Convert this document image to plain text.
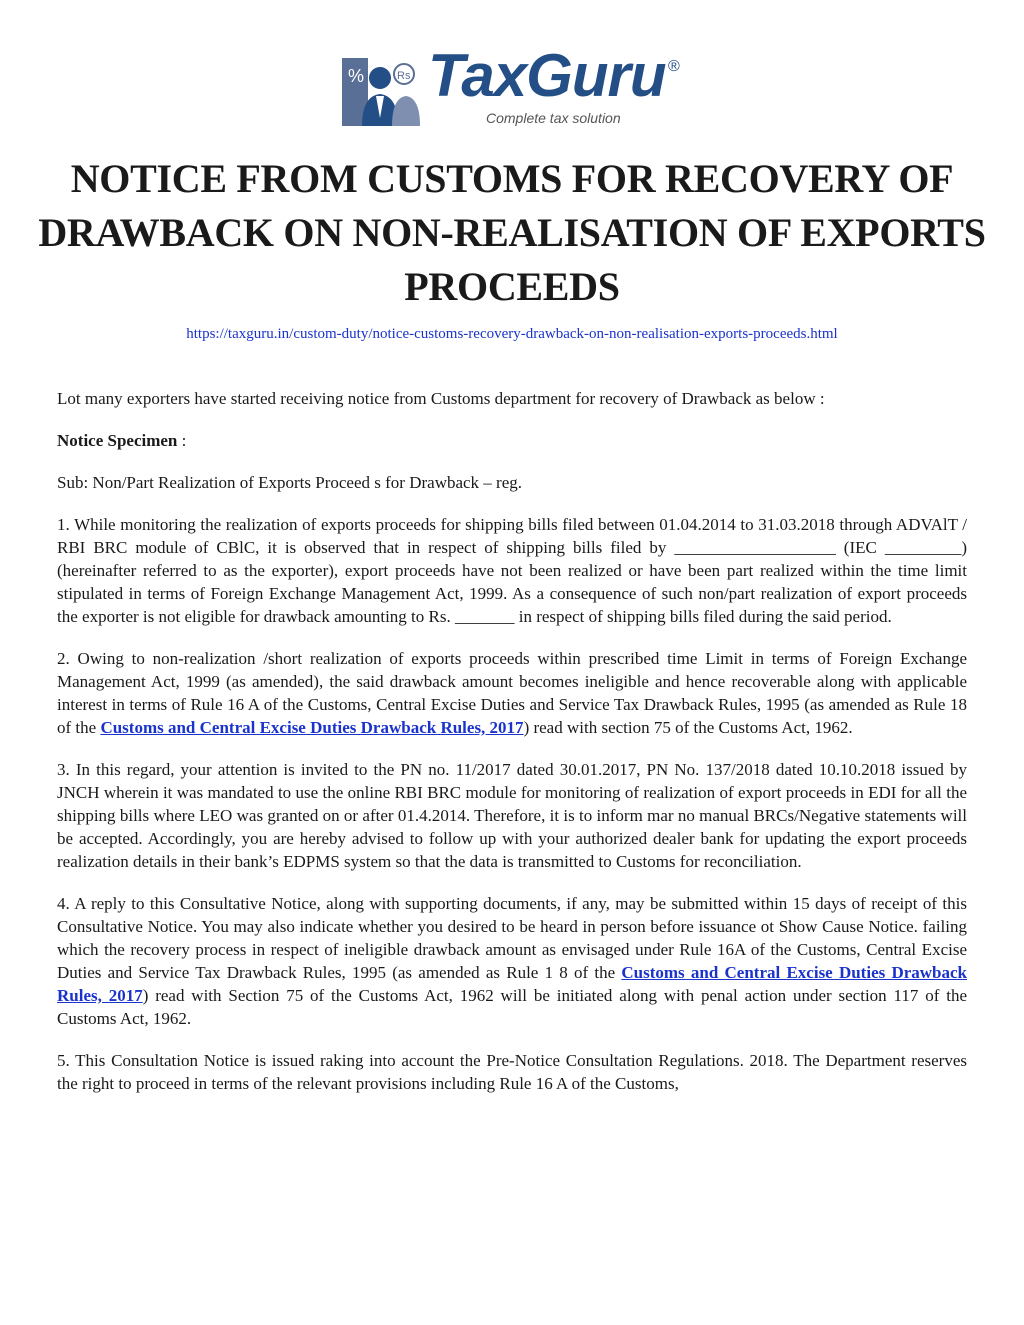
%	Rs TaxGuru ®
Complete tax solution
NOTICE FROM CUSTOMS FOR RECOVERY OF DRAWBACK ON NON-REALISATION OF EXPORTS PROCEEDS
https://taxguru.in/custom-duty/notice-customs-recovery-drawback-on-non-realisation-exports-proceeds.html

Lot many exporters have started receiving notice from Customs department for recovery of Drawback as below :

Notice Specimen :

Sub: Non/Part Realization of Exports Proceed s for Drawback – reg.

1. While monitoring the realization of exports proceeds for shipping bills filed between 01.04.2014 to 31.03.2018 through ADVAlT / RBI BRC module of CBlC, it is observed that in respect of shipping bills filed by ___________________ (IEC _________) (hereinafter referred to as the exporter), export proceeds have not been realized or have been part realized within the time limit stipulated in terms of Foreign Exchange Management Act, 1999. As a consequence of such non/part realization of export proceeds the exporter is not eligible for drawback amounting to Rs. _______ in respect of shipping bills filed during the said period.

2. Owing to non-realization /short realization of exports proceeds within prescribed time Limit in terms of Foreign Exchange Management Act, 1999 (as amended), the said drawback amount becomes ineligible and hence recoverable along with applicable interest in terms of Rule 16 A of the Customs, Central Excise Duties and Service Tax Drawback Rules, 1995 (as amended as Rule 18 of the Customs and Central Excise Duties Drawback Rules, 2017) read with section 75 of the Customs Act, 1962.

3. In this regard, your attention is invited to the PN no. 11/2017 dated 30.01.2017, PN No. 137/2018 dated 10.10.2018 issued by JNCH wherein it was mandated to use the online RBI BRC module for monitoring of realization of export proceeds in EDI for all the shipping bills where LEO was granted on or after 01.4.2014. Therefore, it is to inform mar no manual BRCs/Negative statements will be accepted. Accordingly, you are hereby advised to follow up with your authorized dealer bank for updating the export proceeds realization details in their bank’s EDPMS system so that the data is transmitted to Customs for reconciliation.

4. A reply to this Consultative Notice, along with supporting documents, if any, may be submitted within 15 days of receipt of this Consultative Notice. You may also indicate whether you desired to be heard in person before issuance ot Show Cause Notice. failing which the recovery process in respect of ineligible drawback amount as envisaged under Rule 16A of the Customs, Central Excise Duties and Service Tax Drawback Rules, 1995 (as amended as Rule 1 8 of the Customs and Central Excise Duties Drawback Rules, 2017) read with Section 75 of the Customs Act, 1962 will be initiated along with penal action under section 117 of the Customs Act, 1962.

5. This Consultation Notice is issued raking into account the Pre-Notice Consultation Regulations. 2018. The Department reserves the right to proceed in terms of the relevant provisions including Rule 16 A of the Customs,
